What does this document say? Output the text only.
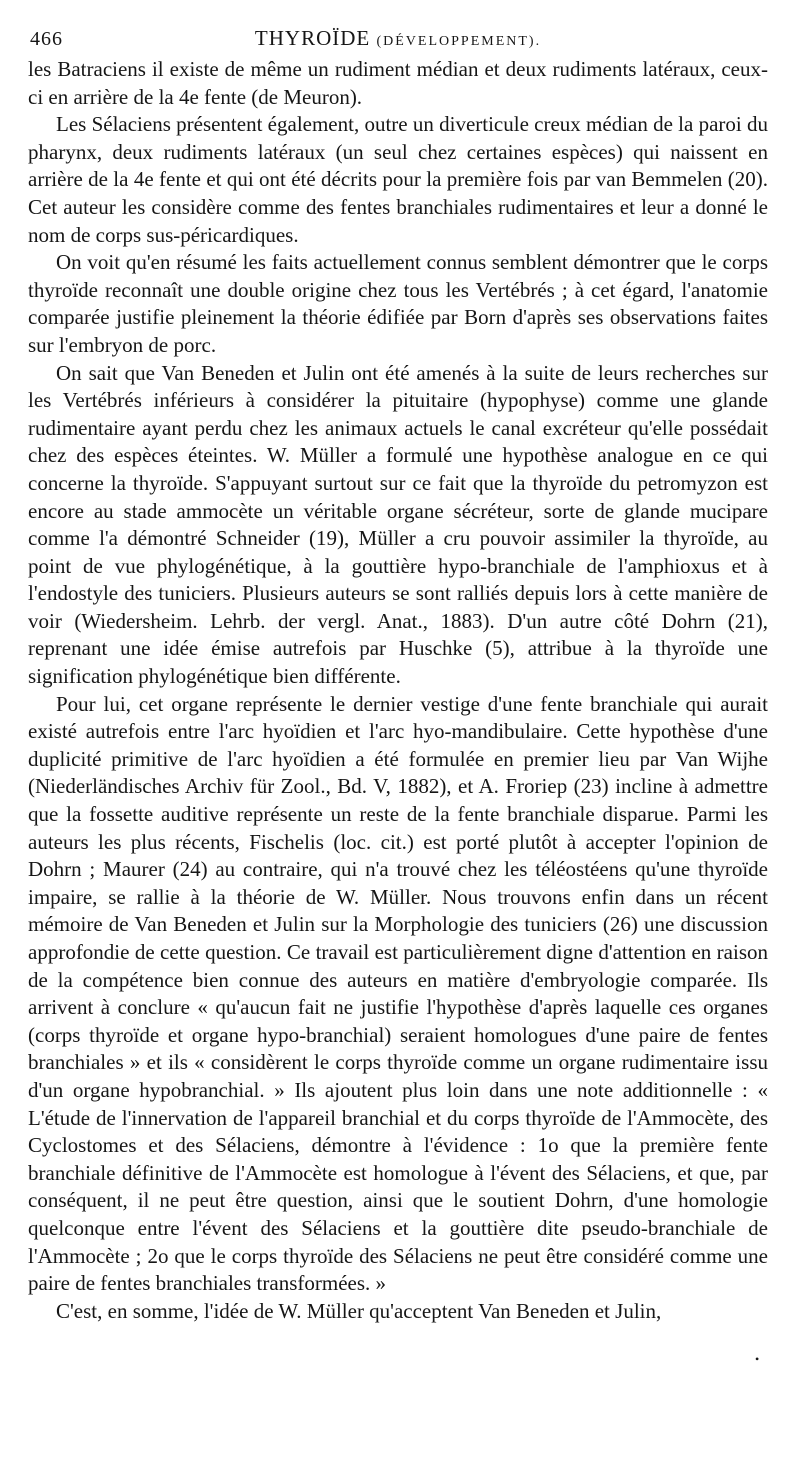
466	THYROÏDE (DÉVELOPPEMENT).

les Batraciens il existe de même un rudiment médian et deux rudiments latéraux, ceux-ci en arrière de la 4e fente (de Meuron).

Les Sélaciens présentent également, outre un diverticule creux médian de la paroi du pharynx, deux rudiments latéraux (un seul chez certaines espèces) qui naissent en arrière de la 4e fente et qui ont été décrits pour la première fois par van Bemmelen (20). Cet auteur les considère comme des fentes branchiales rudimentaires et leur a donné le nom de corps sus-péricardiques.

On voit qu'en résumé les faits actuellement connus semblent démontrer que le corps thyroïde reconnaît une double origine chez tous les Vertébrés ; à cet égard, l'anatomie comparée justifie pleinement la théorie édifiée par Born d'après ses observations faites sur l'embryon de porc.

On sait que Van Beneden et Julin ont été amenés à la suite de leurs recherches sur les Vertébrés inférieurs à considérer la pituitaire (hypophyse) comme une glande rudimentaire ayant perdu chez les animaux actuels le canal excréteur qu'elle possédait chez des espèces éteintes. W. Müller a formulé une hypothèse analogue en ce qui concerne la thyroïde. S'appuyant surtout sur ce fait que la thyroïde du petromyzon est encore au stade ammocète un véritable organe sécréteur, sorte de glande mucipare comme l'a démontré Schneider (19), Müller a cru pouvoir assimiler la thyroïde, au point de vue phylogénétique, à la gouttière hypo-branchiale de l'amphioxus et à l'endostyle des tuniciers. Plusieurs auteurs se sont ralliés depuis lors à cette manière de voir (Wiedersheim. Lehrb. der vergl. Anat., 1883). D'un autre côté Dohrn (21), reprenant une idée émise autrefois par Huschke (5), attribue à la thyroïde une signification phylogénétique bien différente.

Pour lui, cet organe représente le dernier vestige d'une fente branchiale qui aurait existé autrefois entre l'arc hyoïdien et l'arc hyo-mandibulaire. Cette hypothèse d'une duplicité primitive de l'arc hyoïdien a été formulée en premier lieu par Van Wijhe (Niederländisches Archiv für Zool., Bd. V, 1882), et A. Froriep (23) incline à admettre que la fossette auditive représente un reste de la fente branchiale disparue. Parmi les auteurs les plus récents, Fischelis (loc. cit.) est porté plutôt à accepter l'opinion de Dohrn ; Maurer (24) au contraire, qui n'a trouvé chez les téléostéens qu'une thyroïde impaire, se rallie à la théorie de W. Müller. Nous trouvons enfin dans un récent mémoire de Van Beneden et Julin sur la Morphologie des tuniciers (26) une discussion approfondie de cette question. Ce travail est particulièrement digne d'attention en raison de la compétence bien connue des auteurs en matière d'embryologie comparée. Ils arrivent à conclure « qu'aucun fait ne justifie l'hypothèse d'après laquelle ces organes (corps thyroïde et organe hypo-branchial) seraient homologues d'une paire de fentes branchiales » et ils « considèrent le corps thyroïde comme un organe rudimentaire issu d'un organe hypobranchial. » Ils ajoutent plus loin dans une note additionnelle : « L'étude de l'innervation de l'appareil branchial et du corps thyroïde de l'Ammocète, des Cyclostomes et des Sélaciens, démontre à l'évidence : 1o que la première fente branchiale définitive de l'Ammocète est homologue à l'évent des Sélaciens, et que, par conséquent, il ne peut être question, ainsi que le soutient Dohrn, d'une homologie quelconque entre l'évent des Sélaciens et la gouttière dite pseudo-branchiale de l'Ammocète ; 2o que le corps thyroïde des Sélaciens ne peut être considéré comme une paire de fentes branchiales transformées. »

C'est, en somme, l'idée de W. Müller qu'acceptent Van Beneden et Julin,

•
